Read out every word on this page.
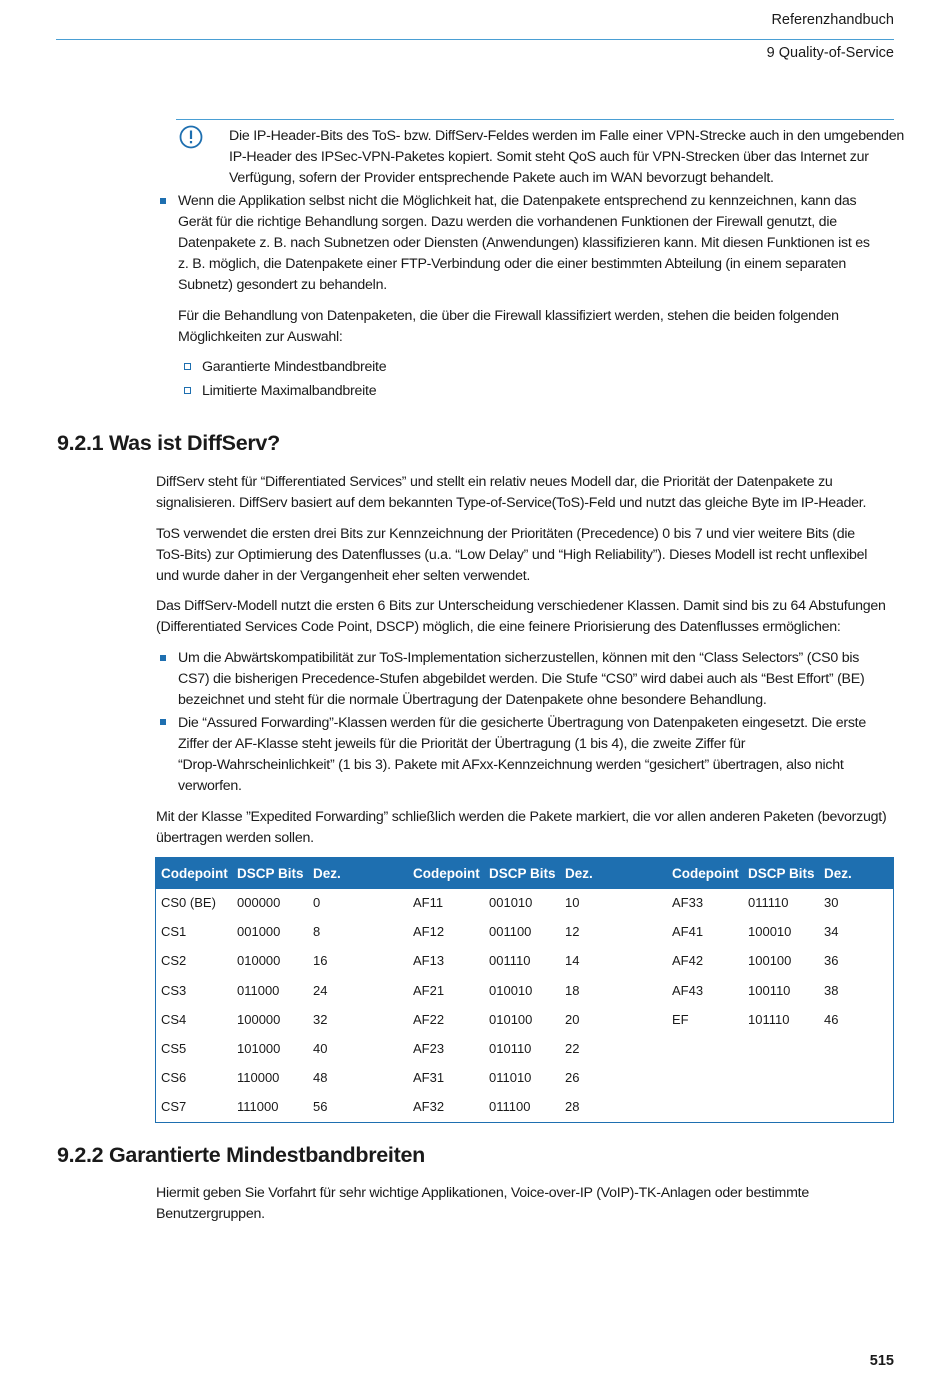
Referenzhandbuch
9 Quality-of-Service

Die IP-Header-Bits des ToS- bzw. DiffServ-Feldes werden im Falle einer VPN-Strecke auch in den umgebenden

IP-Header des IPSec-VPN-Paketes kopiert. Somit steht QoS auch für VPN-Strecken über das Internet zur

Verfügung, sofern der Provider entsprechende Pakete auch im WAN bevorzugt behandelt.

Wenn die Applikation selbst nicht die Möglichkeit hat, die Datenpakete entsprechend zu kennzeichnen, kann das

Gerät für die richtige Behandlung sorgen. Dazu werden die vorhandenen Funktionen der Firewall genutzt, die

Datenpakete z. B. nach Subnetzen oder Diensten (Anwendungen) klassifizieren kann. Mit diesen Funktionen ist es

z. B. möglich, die Datenpakete einer FTP-Verbindung oder die einer bestimmten Abteilung (in einem separaten

Subnetz) gesondert zu behandeln.

Für die Behandlung von Datenpaketen, die über die Firewall klassifiziert werden, stehen die beiden folgenden

Möglichkeiten zur Auswahl:

Garantierte Mindestbandbreite

Limitierte Maximalbandbreite

9.2.1 Was ist DiffServ?

DiffServ steht für “Differentiated Services” und stellt ein relativ neues Modell dar, die Priorität der Datenpakete zu

signalisieren. DiffServ basiert auf dem bekannten Type-of-Service(ToS)-Feld und nutzt das gleiche Byte im IP-Header.

ToS verwendet die ersten drei Bits zur Kennzeichnung der Prioritäten (Precedence) 0 bis 7 und vier weitere Bits (die

ToS-Bits) zur Optimierung des Datenflusses (u.a. “Low Delay” und “High Reliability”). Dieses Modell ist recht unflexibel

und wurde daher in der Vergangenheit eher selten verwendet.

Das DiffServ-Modell nutzt die ersten 6 Bits zur Unterscheidung verschiedener Klassen. Damit sind bis zu 64 Abstufungen

(Differentiated Services Code Point, DSCP) möglich, die eine feinere Priorisierung des Datenflusses ermöglichen:

Um die Abwärtskompatibilität zur ToS-Implementation sicherzustellen, können mit den “Class Selectors” (CS0 bis

CS7) die bisherigen Precedence-Stufen abgebildet werden. Die Stufe “CS0” wird dabei auch als “Best Effort” (BE)

bezeichnet und steht für die normale Übertragung der Datenpakete ohne besondere Behandlung.

Die “Assured Forwarding”-Klassen werden für die gesicherte Übertragung von Datenpaketen eingesetzt. Die erste

Ziffer der AF-Klasse steht jeweils für die Priorität der Übertragung (1 bis 4), die zweite Ziffer für

“Drop-Wahrscheinlichkeit” (1 bis 3). Pakete mit AFxx-Kennzeichnung werden “gesichert” übertragen, also nicht

verworfen.

Mit der Klasse ”Expedited Forwarding” schließlich werden die Pakete markiert, die vor allen anderen Paketen (bevorzugt)

übertragen werden sollen.

Codepoint DSCP Bits Dez.	Codepoint DSCP Bits Dez.	Codepoint DSCP Bits Dez.
CS0 (BE) 000000	0	AF11	001010	10	AF33	011110	30
CS1	001000	8	AF12	001100	12	AF41	100010	34
CS2	010000	16	AF13	001110	14	AF42	100100	36
CS3	011000	24	AF21	010010	18	AF43	100110	38
CS4	100000	32	AF22	010100	20	EF	101110	46
CS5	101000	40	AF23	010110	22
CS6	110000	48	AF31	011010	26
CS7	111000	56	AF32	011100	28
9.2.2 Garantierte Mindestbandbreiten

Hiermit geben Sie Vorfahrt für sehr wichtige Applikationen, Voice-over-IP (VoIP)-TK-Anlagen oder bestimmte

Benutzergruppen.

515
